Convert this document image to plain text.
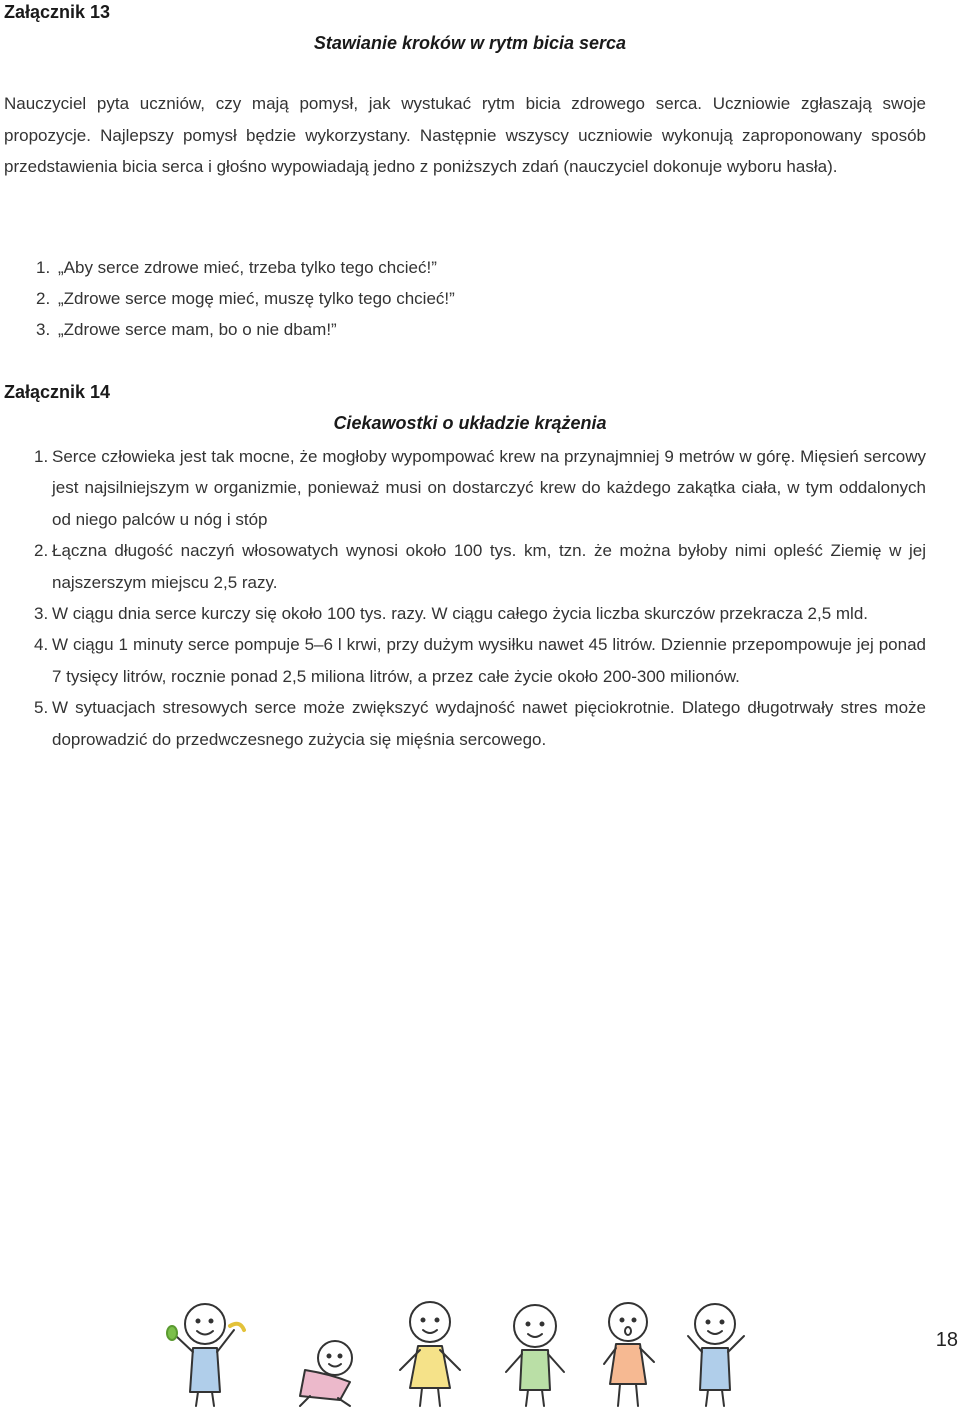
Załącznik 13
Stawianie kroków w rytm bicia serca
Nauczyciel pyta uczniów, czy mają pomysł, jak wystukać rytm bicia zdrowego serca. Uczniowie zgłaszają swoje propozycje. Najlepszy pomysł będzie wykorzystany. Następnie wszyscy uczniowie wykonują zaproponowany sposób przedstawienia bicia serca i głośno wypowiadają jedno z poniższych zdań (nauczyciel dokonuje wyboru hasła).
1. „Aby serce zdrowe mieć, trzeba tylko tego chcieć!”
2. „Zdrowe serce mogę mieć, muszę tylko tego chcieć!”
3. „Zdrowe serce mam, bo o nie dbam!”
Załącznik 14
Ciekawostki o układzie krążenia
1. Serce człowieka jest tak mocne, że mogłoby wypompować krew na przynajmniej 9 metrów w górę. Mięsień sercowy jest najsilniejszym w organizmie, ponieważ musi on dostarczyć krew do każdego zakątka ciała, w tym oddalonych od niego palców u nóg i stóp
2. Łączna długość naczyń włosowatych wynosi około 100 tys. km, tzn. że można byłoby nimi opleść Ziemię w jej najszerszym miejscu 2,5 razy.
3. W ciągu dnia serce kurczy się około 100 tys. razy. W ciągu całego życia liczba skurczów przekracza 2,5 mld.
4. W ciągu 1 minuty serce pompuje 5–6 l krwi, przy dużym wysiłku nawet 45 litrów. Dziennie przepompowuje jej ponad 7 tysięcy litrów, rocznie ponad 2,5 miliona litrów, a przez całe życie około 200-300 milionów.
5. W sytuacjach stresowych serce może zwiększyć wydajność nawet pięciokrotnie. Dlatego długotrwały stres może doprowadzić do przedwczesnego zużycia się mięśnia sercowego.
18
